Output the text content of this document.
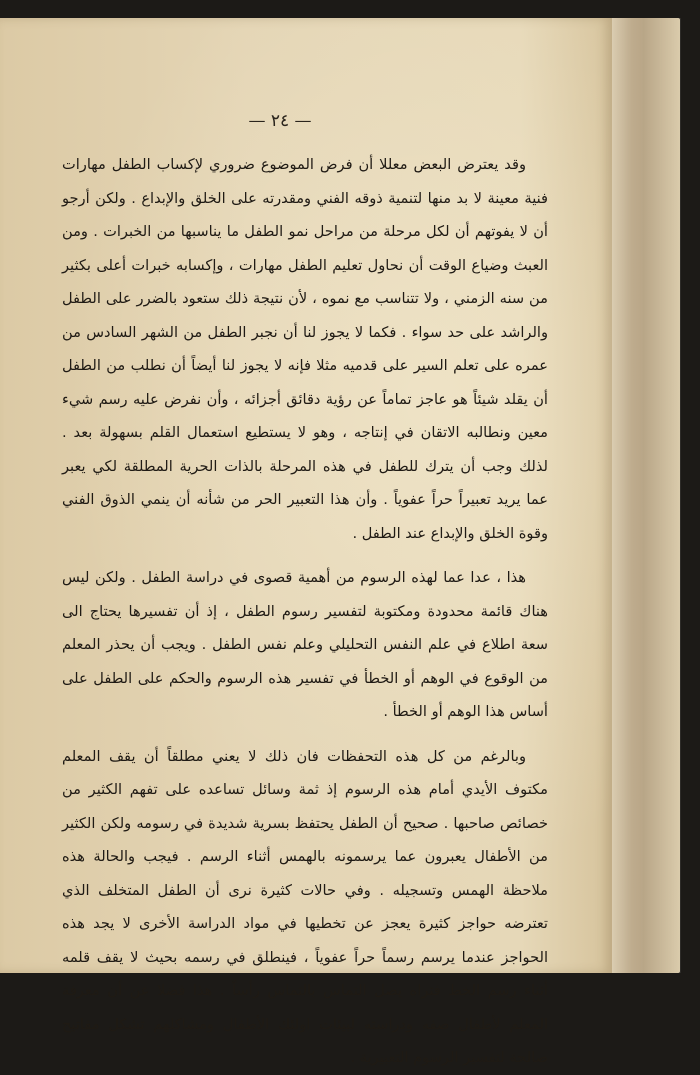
— ٢٤ —

وقد يعترض البعض معللا أن فرض الموضوع ضروري لإكساب الطفل مهارات فنية معينة لا بد منها لتنمية ذوقه الفني ومقدرته على الخلق والإبداع . ولكن أرجو أن لا يفوتهم أن لكل مرحلة من مراحل نمو الطفل ما يناسبها من الخبرات . ومن العبث وضياع الوقت أن نحاول تعليم الطفل مهارات ، وإكسابه خبرات أعلى بكثير من سنه الزمني ، ولا تتناسب مع نموه ، لأن نتيجة ذلك ستعود بالضرر على الطفل والراشد على حد سواء . فكما لا يجوز لنا أن نجبر الطفل من الشهر السادس من عمره على تعلم السير على قدميه مثلا فإنه لا يجوز لنا أيضاً أن نطلب من الطفل أن يقلد شيئاً هو عاجز تماماً عن رؤية دقائق أجزائه ، وأن نفرض عليه رسم شيء معين ونطالبه الاتقان في إنتاجه ، وهو لا يستطيع استعمال القلم بسهولة بعد . لذلك وجب أن يترك للطفل في هذه المرحلة بالذات الحرية المطلقة لكي يعبر عما يريد تعبيراً حراً عفوياً . وأن هذا التعبير الحر من شأنه أن ينمي الذوق الفني وقوة الخلق والإبداع عند الطفل .

هذا ، عدا عما لهذه الرسوم من أهمية قصوى في دراسة الطفل . ولكن ليس هناك قائمة محدودة ومكتوبة لتفسير رسوم الطفل ، إذ أن تفسيرها يحتاج الى سعة اطلاع في علم النفس التحليلي وعلم نفس الطفل . ويجب أن يحذر المعلم من الوقوع في الوهم أو الخطأ في تفسير هذه الرسوم والحكم على الطفل على أساس هذا الوهم أو الخطأ .

وبالرغم من كل هذه التحفظات فان ذلك لا يعني مطلقاً أن يقف المعلم مكتوف الأيدي أمام هذه الرسوم إذ ثمة وسائل تساعده على تفهم الكثير من خصائص صاحبها . صحيح أن الطفل يحتفظ بسرية شديدة في رسومه ولكن الكثير من الأطفال يعبرون عما يرسمونه بالهمس أثناء الرسم . فيجب والحالة هذه ملاحظة الهمس وتسجيله . وفي حالات كثيرة نرى أن الطفل المتخلف الذي تعترضه حواجز كثيرة يعجز عن تخطيها في مواد الدراسة الأخرى لا يجد هذه الحواجز عندما يرسم رسماً حراً عفوياً ، فينطلق في رسمه بحيث لا يقف قلمه أثناء رسم الخط فتراه يصل التماس بالتماس رأساً . هذا فضلا عن أن معرفة المعلم لأطفال صفه ودراسته لبيئات اولئك الأطفال ومشاكلهم تشكل مفاتيح صالحة لتفسير الرسوم التعبيرية .
